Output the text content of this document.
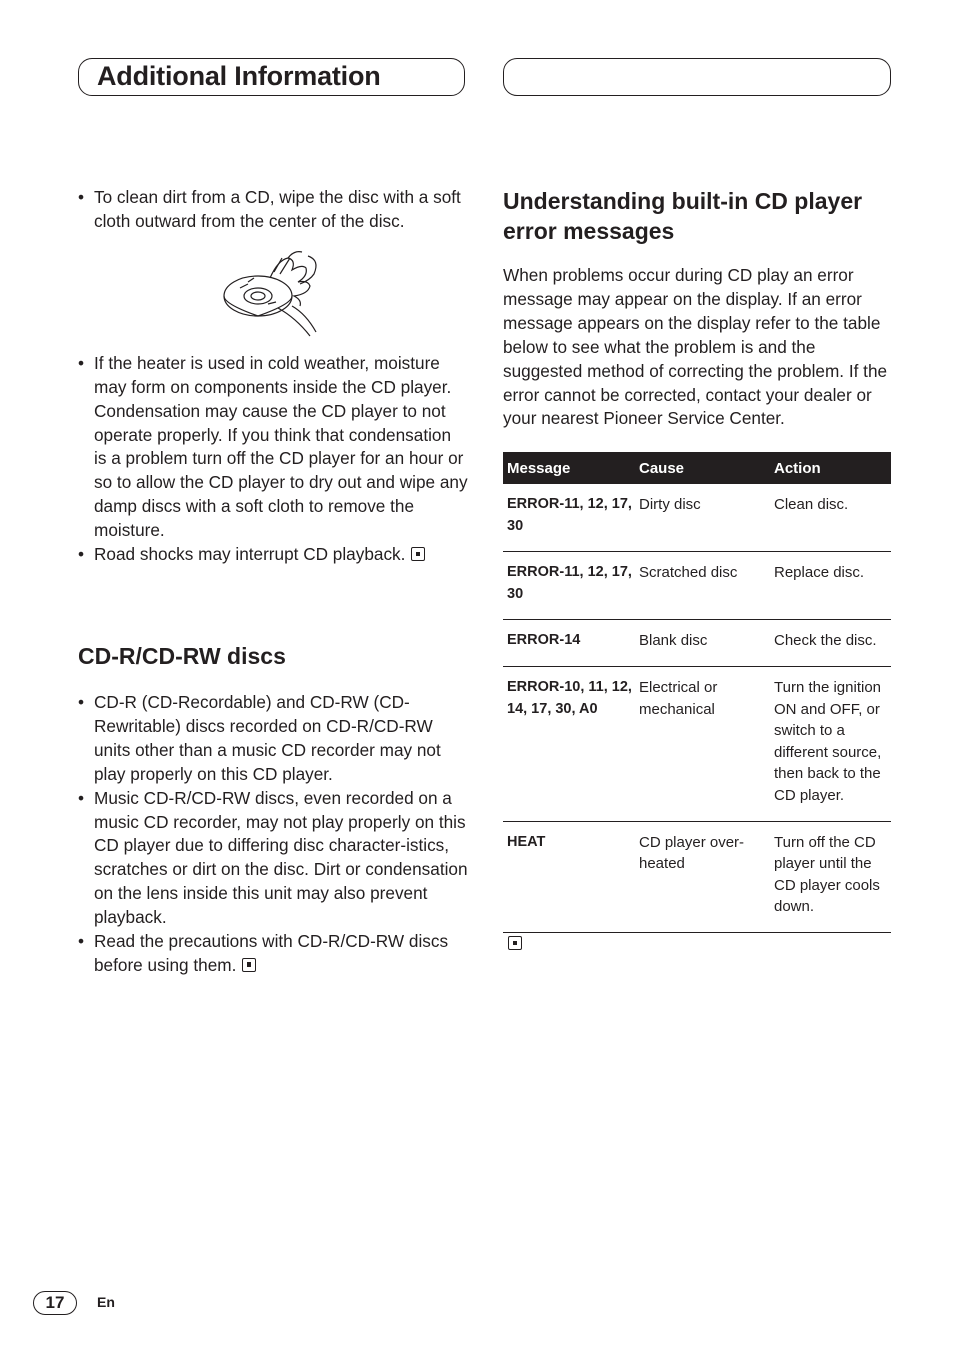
Additional Information
• To clean dirt from a CD, wipe the disc with a soft cloth outward from the center of the disc.
• If the heater is used in cold weather, moisture may form on components inside the CD player. Condensation may cause the CD player to not operate properly. If you think that condensation is a problem turn off the CD player for an hour or so to allow the CD player to dry out and wipe any damp discs with a soft cloth to remove the moisture.
• Road shocks may interrupt CD playback.
CD-R/CD-RW discs
• CD-R (CD-Recordable) and CD-RW (CD-Rewritable) discs recorded on CD-R/CD-RW units other than a music CD recorder may not play properly on this CD player.
• Music CD-R/CD-RW discs, even recorded on a music CD recorder, may not play properly on this CD player due to differing disc character-istics, scratches or dirt on the disc. Dirt or condensation on the lens inside this unit may also prevent playback.
• Read the precautions with CD-R/CD-RW discs before using them.
Understanding built-in CD player error messages

When problems occur during CD play an error message may appear on the display. If an error message appears on the display refer to the table below to see what the problem is and the suggested method of correcting the problem. If the error cannot be corrected, contact your dealer or your nearest Pioneer Service Center.

Message	Cause	Action
ERROR-11, 12, 17, 30	Dirty disc	Clean disc.
ERROR-11, 12, 17, 30	Scratched disc	Replace disc.
ERROR-14	Blank disc	Check the disc.
ERROR-10, 11, 12, 14, 17, 30, A0	Electrical or mechanical	Turn the ignition ON and OFF, or switch to a different source, then back to the CD player.
HEAT	CD player over-heated	Turn off the CD player until the CD player cools down.
17	En
